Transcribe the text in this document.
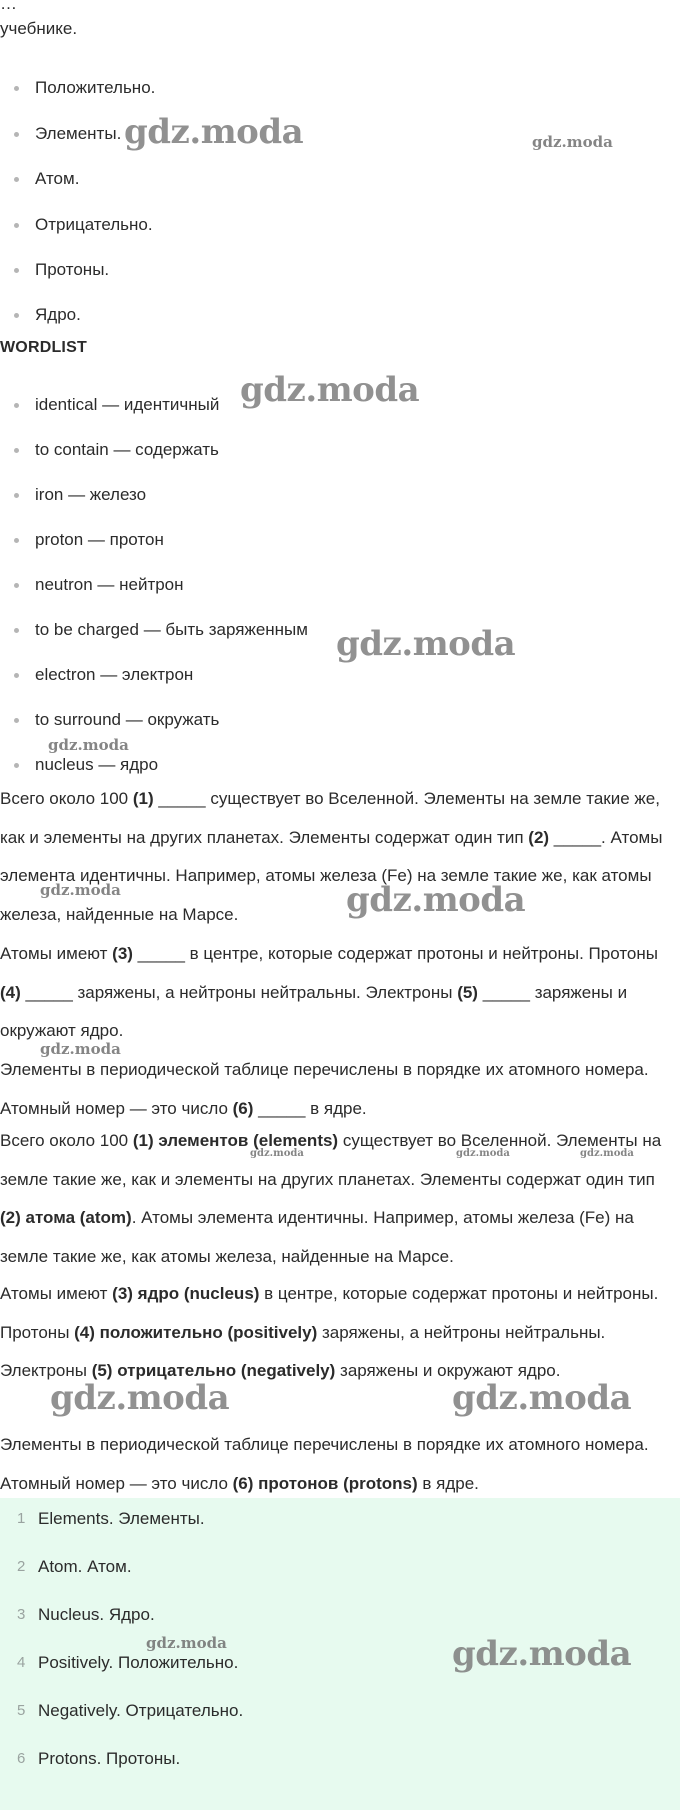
…
учебнике.
Положительно.
Элементы.
Атом.
Отрицательно.
Протоны.
Ядро.
WORDLIST
identical — идентичный
to contain — содержать
iron — железо
proton — протон
neutron — нейтрон
to be charged — быть заряженным
electron — электрон
to surround — окружать
nucleus — ядро
Всего около 100 (1) _____ существует во Вселенной. Элементы на земле такие же, как и элементы на других планетах. Элементы содержат один тип (2) _____. Атомы элемента идентичны. Например, атомы железа (Fe) на земле такие же, как атомы железа, найденные на Марсе.
Атомы имеют (3) _____ в центре, которые содержат протоны и нейтроны. Протоны (4) _____ заряжены, а нейтроны нейтральны. Электроны (5) _____ заряжены и окружают ядро.
Элементы в периодической таблице перечислены в порядке их атомного номера. Атомный номер — это число (6) _____ в ядре.
Всего около 100 (1) элементов (elements) существует во Вселенной. Элементы на земле такие же, как и элементы на других планетах. Элементы содержат один тип (2) атома (atom). Атомы элемента идентичны. Например, атомы железа (Fe) на земле такие же, как атомы железа, найденные на Марсе.
Атомы имеют (3) ядро (nucleus) в центре, которые содержат протоны и нейтроны. Протоны (4) положительно (positively) заряжены, а нейтроны нейтральны. Электроны (5) отрицательно (negatively) заряжены и окружают ядро.
Элементы в периодической таблице перечислены в порядке их атомного номера. Атомный номер — это число (6) протонов (protons) в ядре.
1 Elements. Элементы.
2 Atom. Атом.
3 Nucleus. Ядро.
4 Positively. Положительно.
5 Negatively. Отрицательно.
6 Protons. Протоны.
gdz.moda	gdz.moda
gdz.moda
gdz.moda
gdz.moda
gdz.moda	gdz.moda
gdz.moda
gdz.moda	gdz.moda	gdz.moda
gdz.moda	gdz.moda
gdz.moda	gdz.moda
